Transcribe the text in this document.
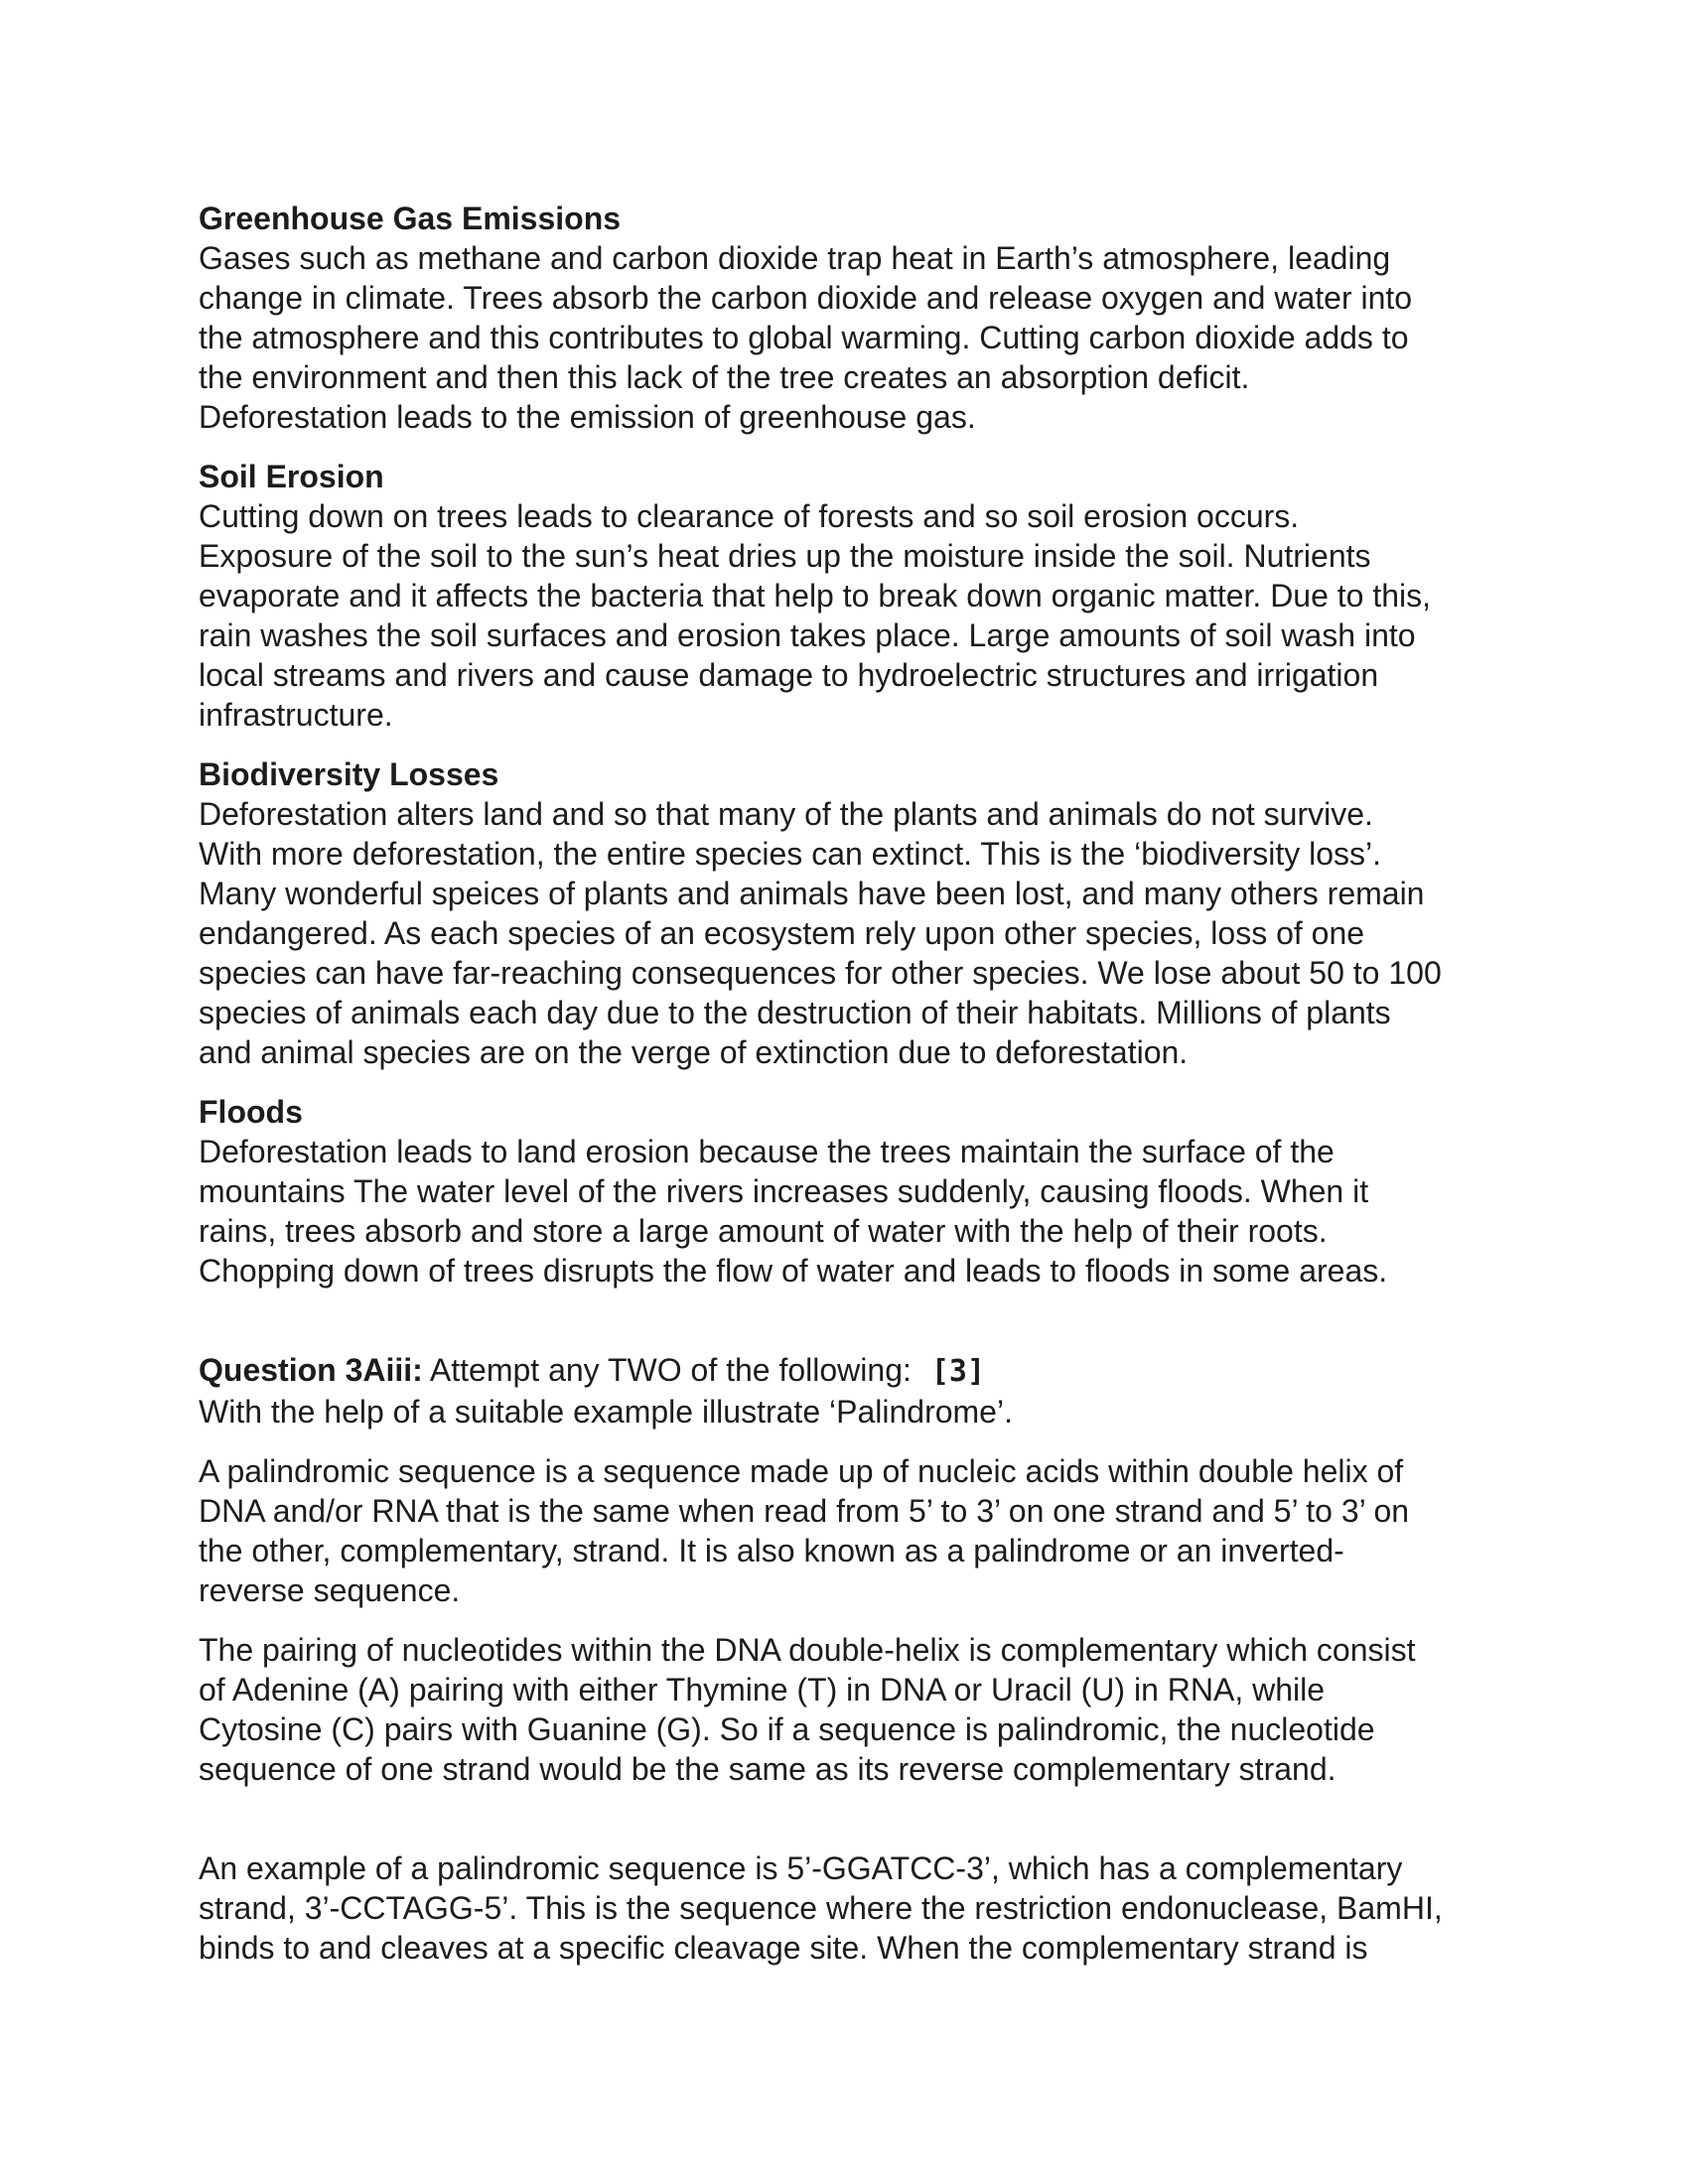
Greenhouse Gas Emissions
Gases such as methane and carbon dioxide trap heat in Earth’s atmosphere, leading
change in climate. Trees absorb the carbon dioxide and release oxygen and water into
the atmosphere and this contributes to global warming. Cutting carbon dioxide adds to
the environment and then this lack of the tree creates an absorption deficit.
Deforestation leads to the emission of greenhouse gas.
Soil Erosion
Cutting down on trees leads to clearance of forests and so soil erosion occurs.
Exposure of the soil to the sun’s heat dries up the moisture inside the soil. Nutrients
evaporate and it affects the bacteria that help to break down organic matter. Due to this,
rain washes the soil surfaces and erosion takes place. Large amounts of soil wash into
local streams and rivers and cause damage to hydroelectric structures and irrigation
infrastructure.
Biodiversity Losses
Deforestation alters land and so that many of the plants and animals do not survive.
With more deforestation, the entire species can extinct. This is the ‘biodiversity loss’.
Many wonderful speices of plants and animals have been lost, and many others remain
endangered. As each species of an ecosystem rely upon other species, loss of one
species can have far-reaching consequences for other species. We lose about 50 to 100
species of animals each day due to the destruction of their habitats. Millions of plants
and animal species are on the verge of extinction due to deforestation.
Floods
Deforestation leads to land erosion because the trees maintain the surface of the
mountains The water level of the rivers increases suddenly, causing floods. When it
rains, trees absorb and store a large amount of water with the help of their roots.
Chopping down of trees disrupts the flow of water and leads to floods in some areas.
Question 3Aiii: Attempt any TWO of the following: [3]
With the help of a suitable example illustrate ‘Palindrome’.
A palindromic sequence is a sequence made up of nucleic acids within double helix of
DNA and/or RNA that is the same when read from 5’ to 3’ on one strand and 5’ to 3’ on
the other, complementary, strand. It is also known as a palindrome or an inverted-
reverse sequence.
The pairing of nucleotides within the DNA double-helix is complementary which consist
of Adenine (A) pairing with either Thymine (T) in DNA or Uracil (U) in RNA, while
Cytosine (C) pairs with Guanine (G). So if a sequence is palindromic, the nucleotide
sequence of one strand would be the same as its reverse complementary strand.
An example of a palindromic sequence is 5’-GGATCC-3’, which has a complementary
strand, 3’-CCTAGG-5’. This is the sequence where the restriction endonuclease, BamHI,
binds to and cleaves at a specific cleavage site. When the complementary strand is
